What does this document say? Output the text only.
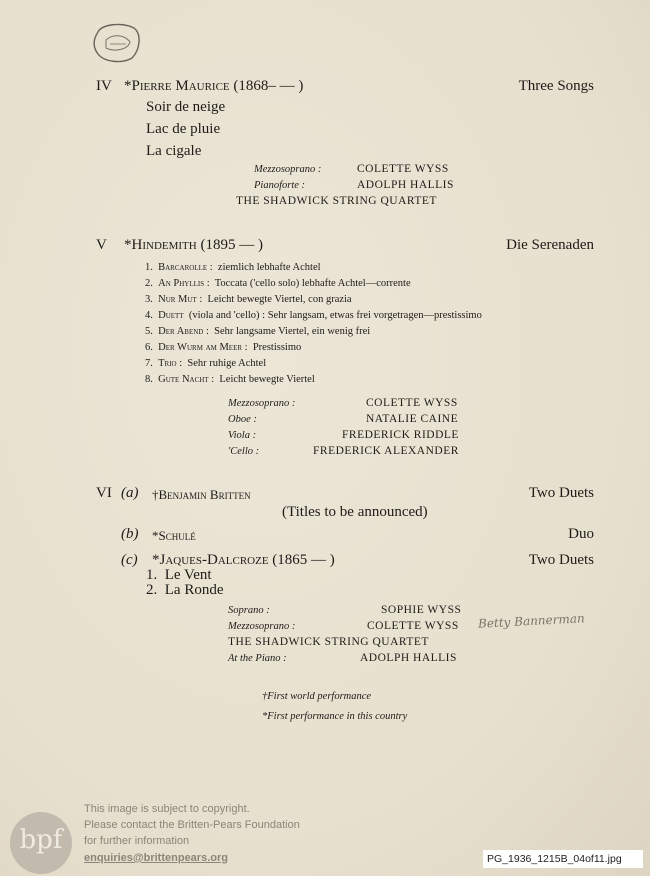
IV *Pierre Maurice (1868– — )	Three Songs
Soir de neige
Lac de pluie
La cigale
Mezzosoprano :	COLETTE WYSS
Pianoforte :	ADOLPH HALLIS
THE SHADWICK STRING QUARTET
V *Hindemith (1895 — )	Die Serenaden
1. Barcarolle : ziemlich lebhafte Achtel
2. An Phyllis : Toccata ('cello solo) lebhafte Achtel—corrente
3. Nur Mut : Leicht bewegte Viertel, con grazia
4. Duett (viola and 'cello) : Sehr langsam, etwas frei vorgetragen—prestissimo
5. Der Abend : Sehr langsame Viertel, ein wenig frei
6. Der Wurm am Meer : Prestissimo
7. Trio : Sehr ruhige Achtel
8. Gute Nacht : Leicht bewegte Viertel
Mezzosoprano :	COLETTE WYSS
Oboe :	NATALIE CAINE
Viola :	FREDERICK RIDDLE
'Cello :	FREDERICK ALEXANDER
VI (a) †Benjamin Britten	Two Duets
(Titles to be announced)
(b) *Schulé	Duo
(c) *Jaques-Dalcroze (1865 — )	Two Duets
1.  Le Vent
2.  La Ronde
Soprano :	SOPHIE WYSS
Mezzosoprano :	COLETTE WYSS
THE SHADWICK STRING QUARTET
At the Piano :	ADOLPH HALLIS
Betty Bannerman
†First world performance
*First performance in this country
bpf
This image is subject to copyright.
Please contact the Britten-Pears Foundation
for further information
enquiries@brittenpears.org	PG_1936_1215B_04of11.jpg
